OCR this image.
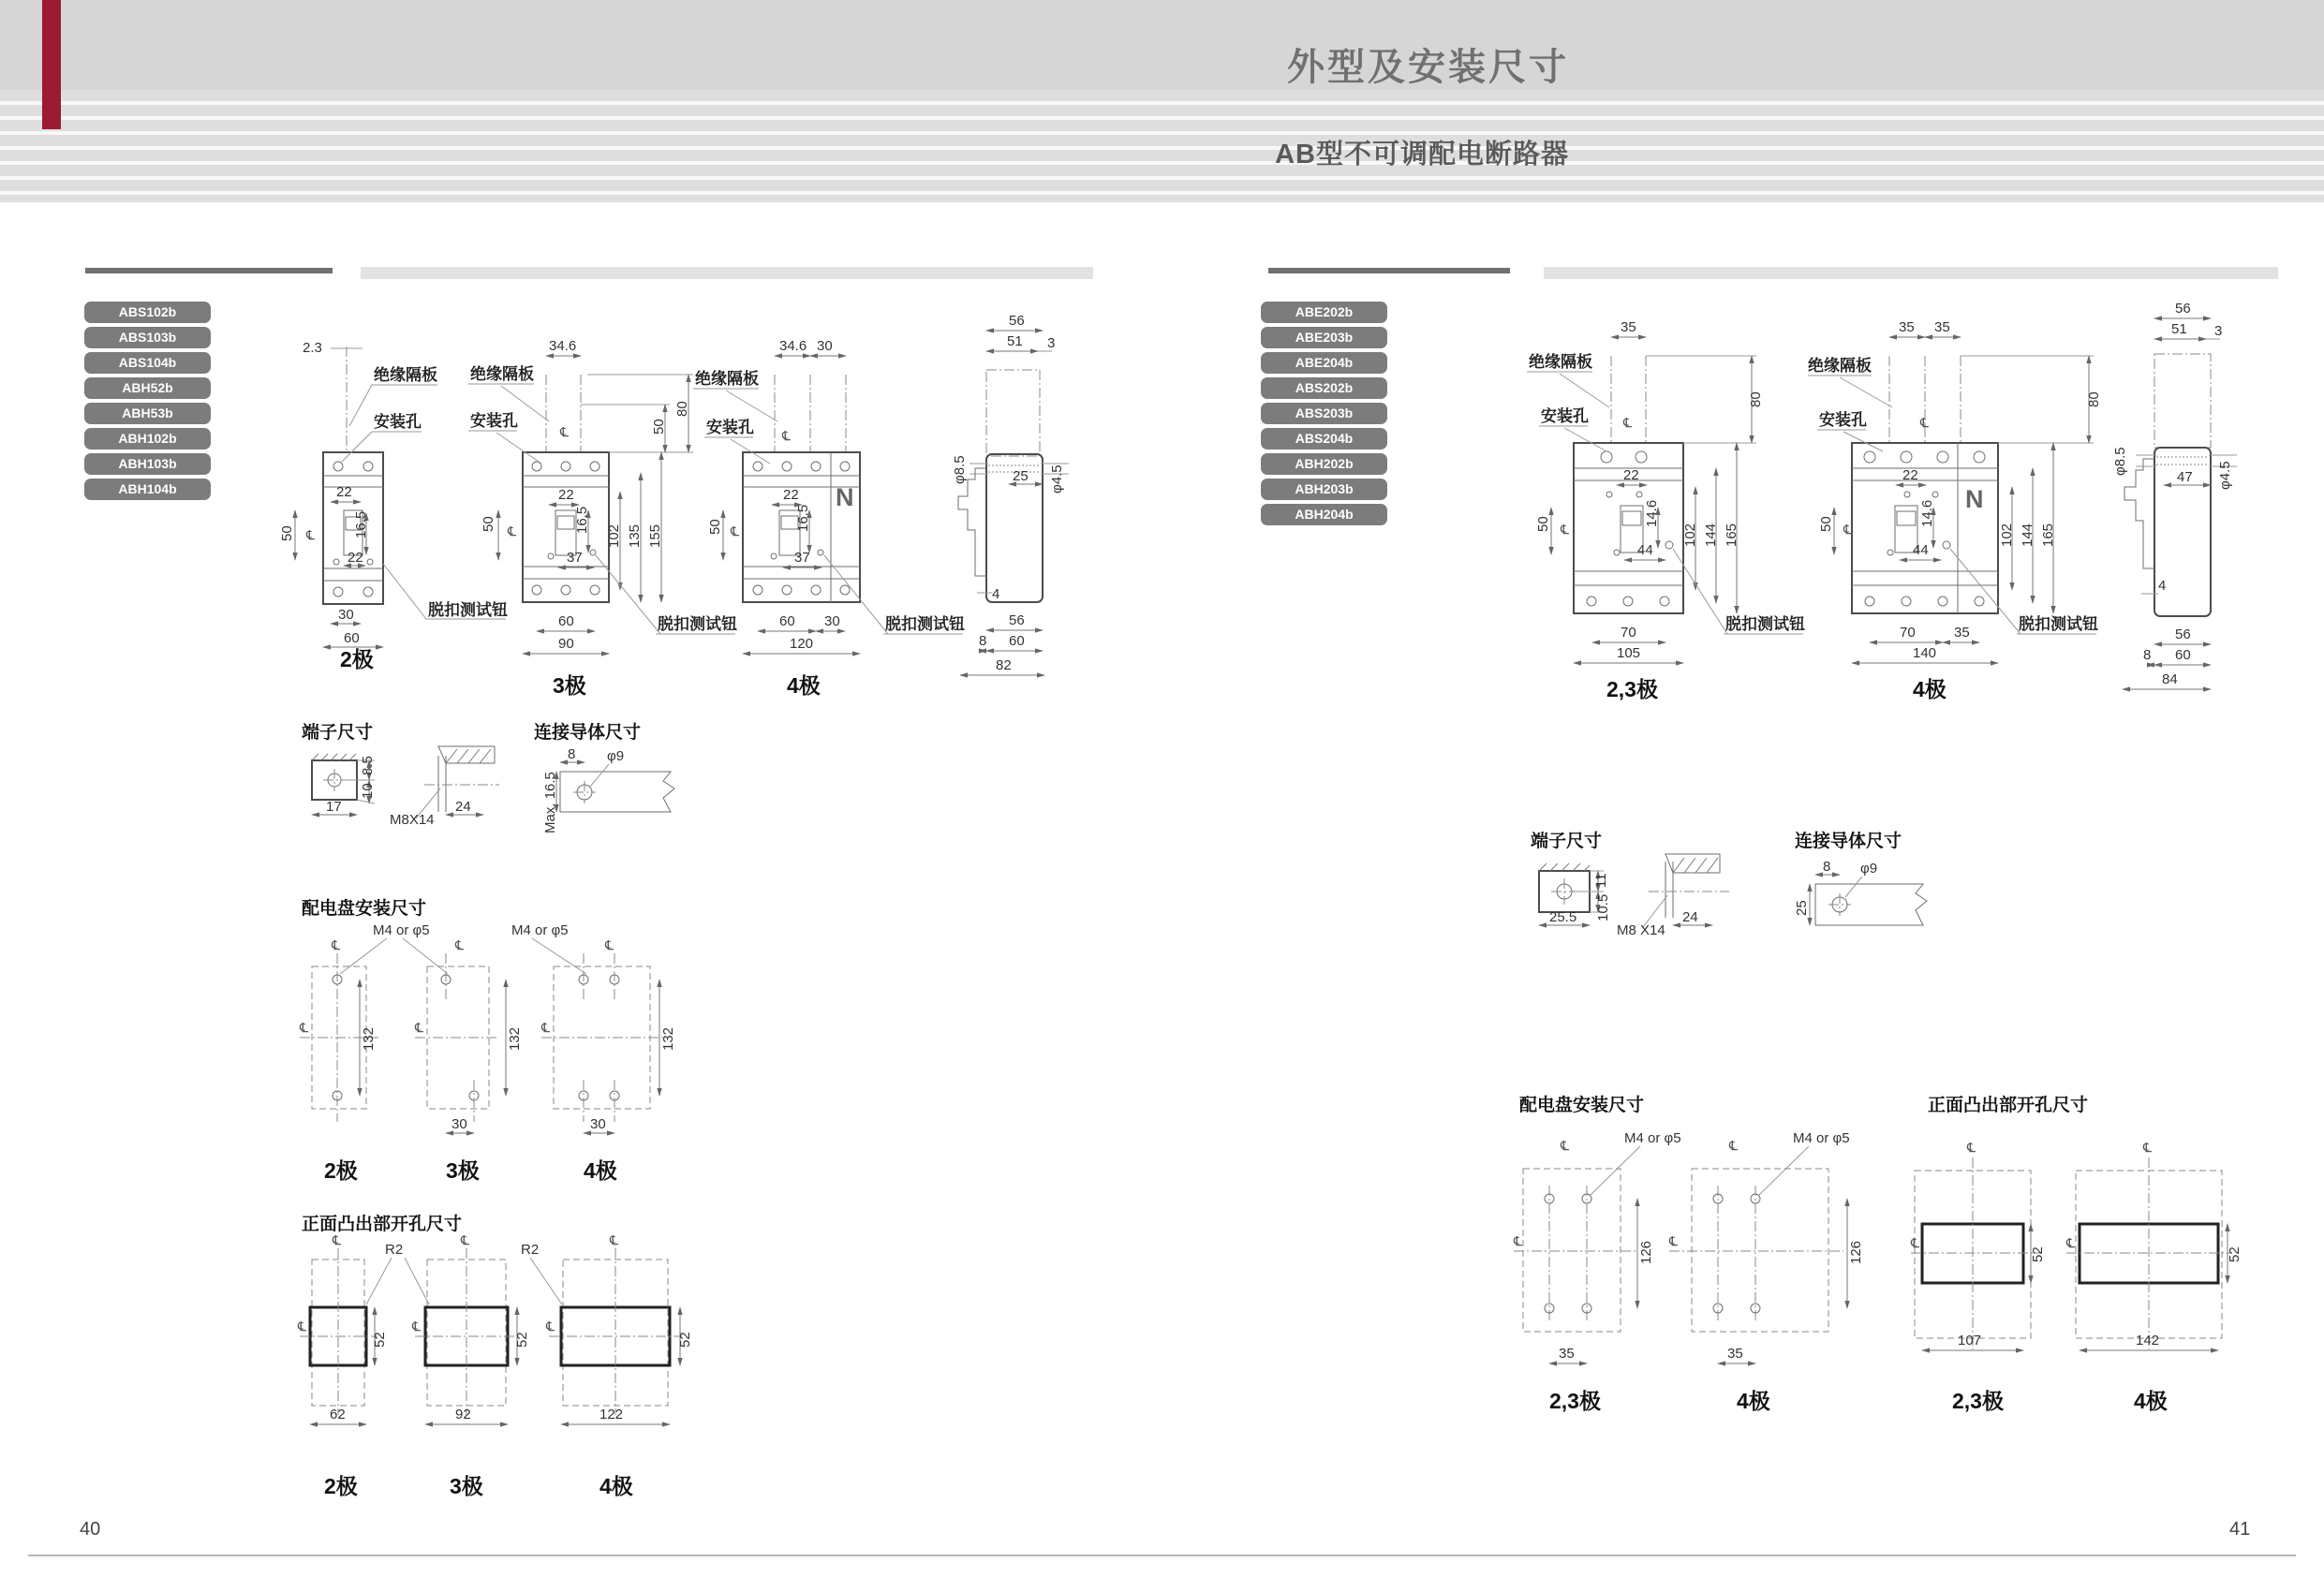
外型及安装尺寸
AB型不可调配电断路器
ABS102b
ABS103b
ABS104b
ABH52b
ABH53b
ABH102b
ABH103b
ABH104b
ABE202b
ABE203b
ABE204b
ABS202b
ABS203b
ABS204b
ABH202b
ABH203b
ABH204b
2.3
绝缘隔板
安装孔
22
50 ℄	16.5
22
30
60
脱扣测试钮
2极
34.6
绝缘隔板
安装孔
℄	50
80
50 ℄
22
16.5
37
102 135 155
60
90
脱扣测试钮
3极
34.6 30
绝缘隔板
安装孔 ℄
N
22
16.5
50 ℄
37
60 30
120
脱扣测试钮
4极
56
51 3
φ8.5	25 φ4.5
4
56
8 60
82
端子尺寸
8.5
10
17
M8X14
24
连接导体尺寸
8 φ9
Max. 16.5
配电盘安装尺寸
M4 or φ5	M4 or φ5
℄	℄	℄
℄	℄	℄
132	132	132
30	30
2极	3极	4极
正面凸出部开孔尺寸
℄	℄	℄
℄	℄	℄
R2	R2
52	52	52
62	92	122
2极	3极	4极
35
绝缘隔板
安装孔	℄
80
22
14.6
50 ℄	102 144 165
44
脱扣测试钮
70
105
2,3极
35 35
绝缘隔板
安装孔	℄
N
80
22
14.6
50 ℄	102 144 165
44
脱扣测试钮
70	35
140
4极
56
51 3
φ8.5
47 φ4.5
4
56
8 60
84
端子尺寸
11
10.5
25.5
M8 X14
24
连接导体尺寸
8 φ9
25
配电盘安装尺寸
M4 or φ5	M4 or φ5
℄	℄
℄	℄
126	126
35	35
2,3极	4极
正面凸出部开孔尺寸
℄	℄
℄	℄
52	52
107	142
2,3极	4极
40	41
